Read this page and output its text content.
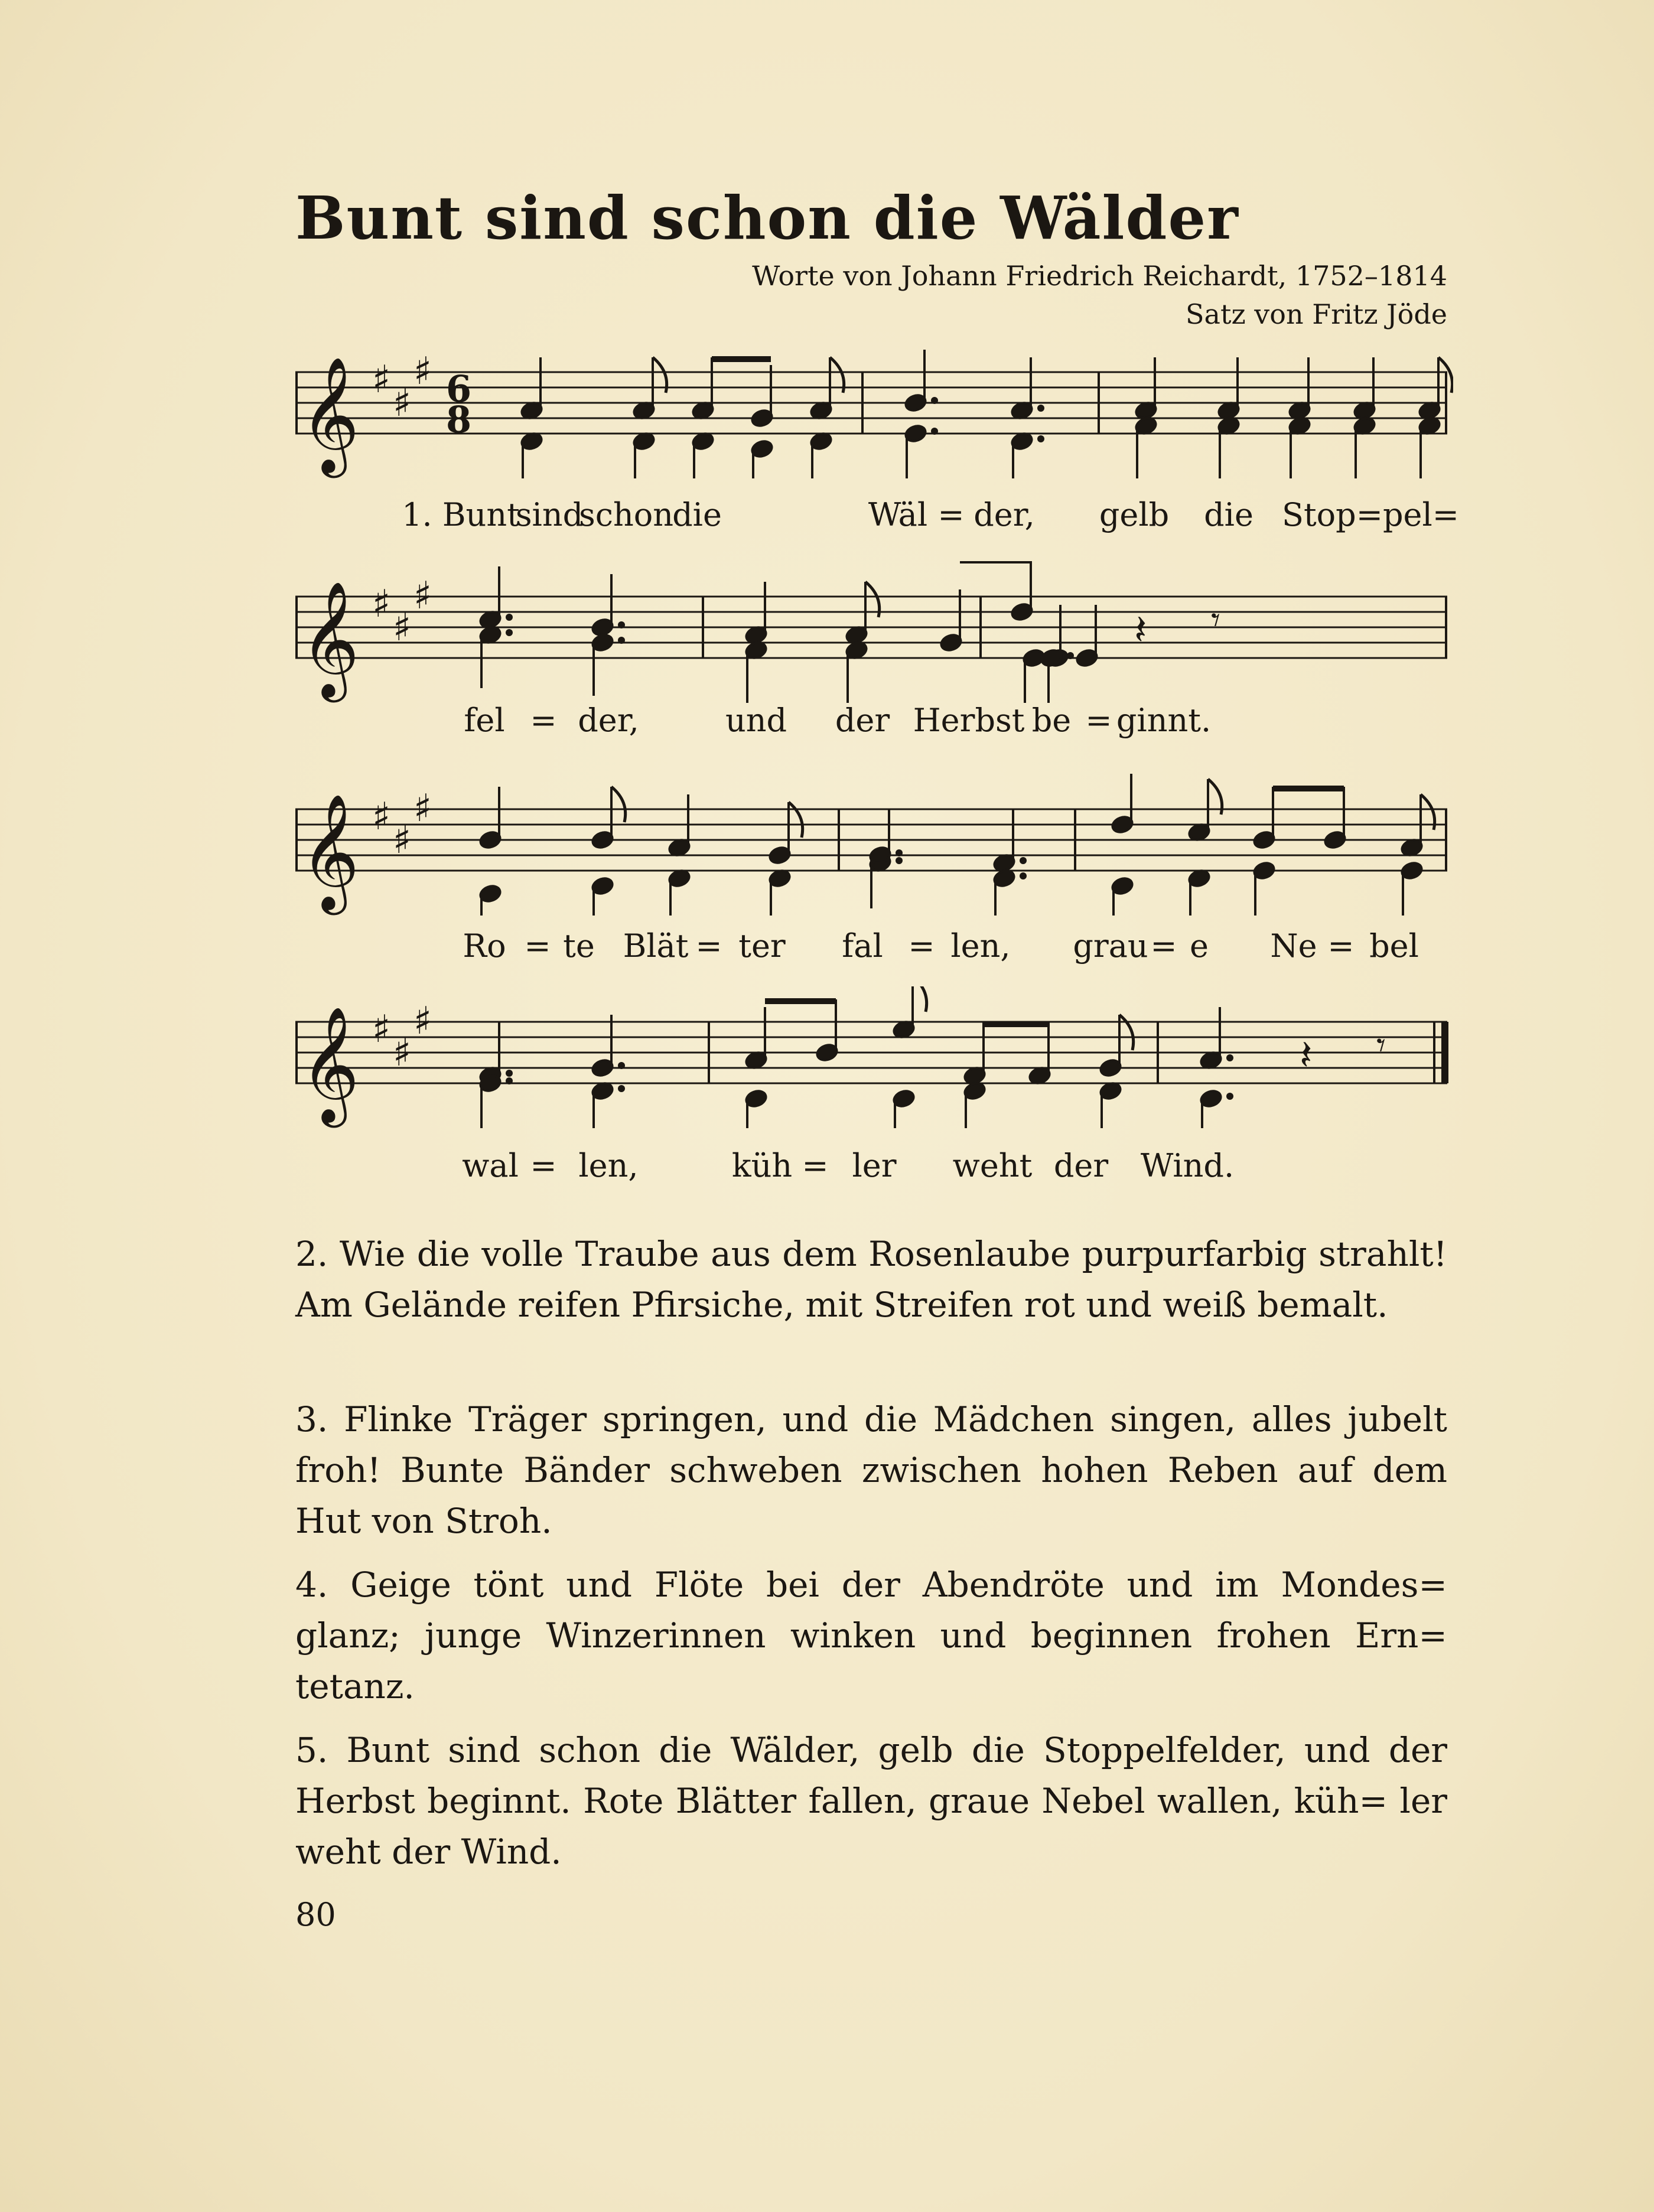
Bunt sind schon die Wälder
Worte von Johann Friedrich Reichardt, 1752–1814
Satz von Fritz Jöde
𝄞 ♯
♯
♯ 6
8
1. Bunt
sind
schon
die	Wäl = der, gelb die Stop=pel=
𝄞 ♯
♯
♯
𝄽 𝄾
fel = der,	und der Herbst be = ginnt.
𝄞 ♯
♯
♯
Ro = te Blät = ter fal = len, grau = e Ne = bel
𝄞 ♯
♯
♯
𝄽 𝄾
wal = len,	küh = ler weht der Wind.
2. Wie die volle Traube aus dem Rosenlaube purpurfarbig strahlt! Am Gelände reifen Pfirsiche, mit Streifen rot und weiß bemalt.
3. Flinke Träger springen, und die Mädchen singen, alles jubelt froh! Bunte Bänder schweben zwischen hohen Reben auf dem Hut von Stroh.
4. Geige tönt und Flöte bei der Abendröte und im Mondes= glanz; junge Winzerinnen winken und beginnen frohen Ern= tetanz.
5. Bunt sind schon die Wälder, gelb die Stoppelfelder, und der Herbst beginnt. Rote Blätter fallen, graue Nebel wallen, küh= ler weht der Wind.
80
